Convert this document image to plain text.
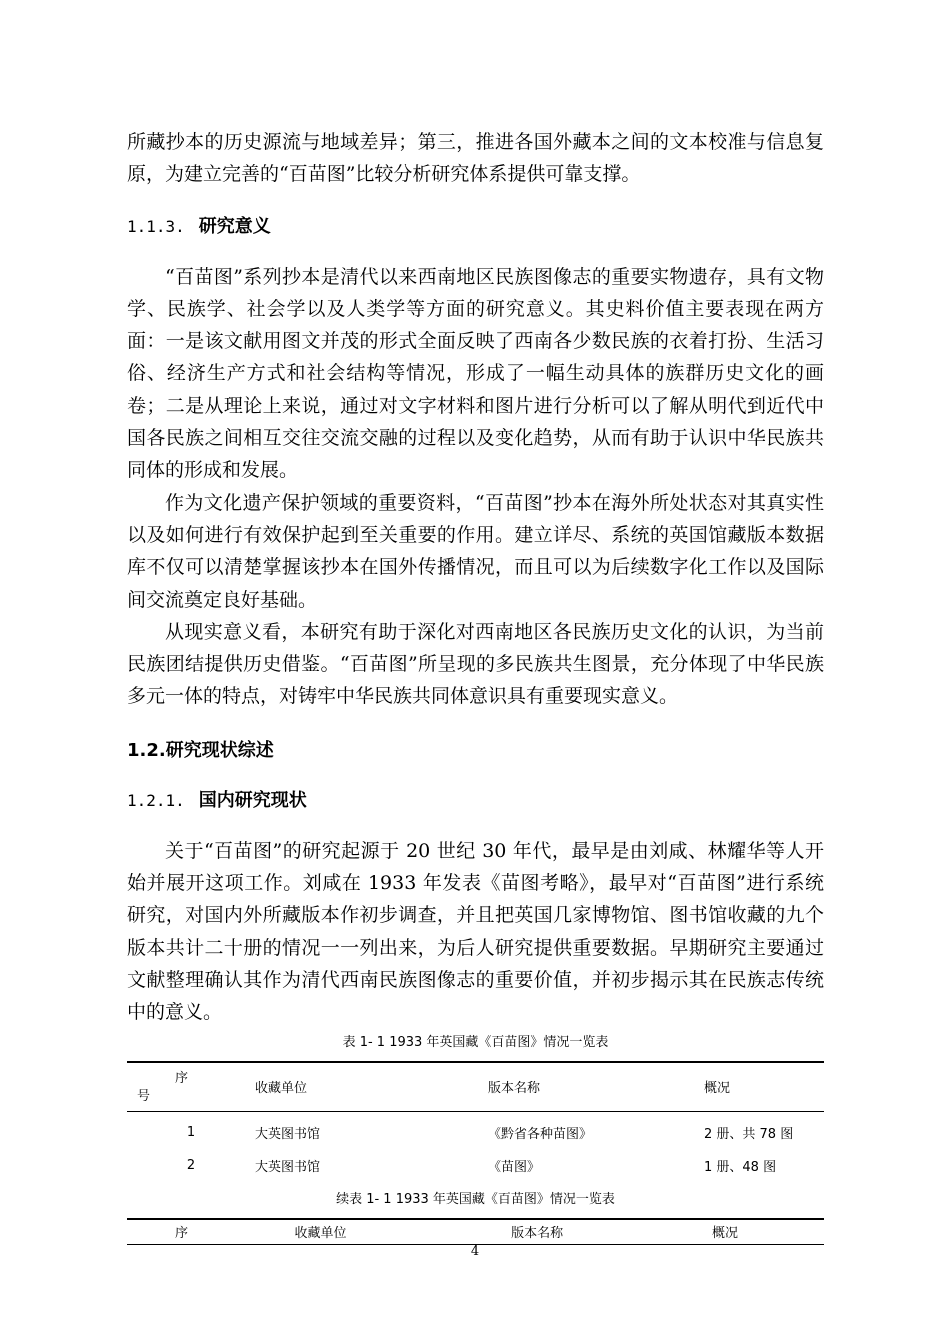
所藏抄本的历史源流与地域差异；第三，推进各国外藏本之间的文本校准与信息复原，为建立完善的“百苗图”比较分析研究体系提供可靠支撑。

1.1.3. 研究意义

“百苗图”系列抄本是清代以来西南地区民族图像志的重要实物遗存，具有文物学、民族学、社会学以及人类学等方面的研究意义。其史料价值主要表现在两方面：一是该文献用图文并茂的形式全面反映了西南各少数民族的衣着打扮、生活习俗、经济生产方式和社会结构等情况，形成了一幅生动具体的族群历史文化的画卷；二是从理论上来说，通过对文字材料和图片进行分析可以了解从明代到近代中国各民族之间相互交往交流交融的过程以及变化趋势，从而有助于认识中华民族共同体的形成和发展。

作为文化遗产保护领域的重要资料，“百苗图”抄本在海外所处状态对其真实性以及如何进行有效保护起到至关重要的作用。建立详尽、系统的英国馆藏版本数据库不仅可以清楚掌握该抄本在国外传播情况，而且可以为后续数字化工作以及国际间交流奠定良好基础。

从现实意义看，本研究有助于深化对西南地区各民族历史文化的认识，为当前民族团结提供历史借鉴。“百苗图”所呈现的多民族共生图景，充分体现了中华民族多元一体的特点，对铸牢中华民族共同体意识具有重要现实意义。

1.2.研究现状综述
1.2.1. 国内研究现状

关于“百苗图”的研究起源于 20 世纪 30 年代，最早是由刘咸、林耀华等人开始并展开这项工作。刘咸在 1933 年发表《苗图考略》，最早对“百苗图”进行系统研究，对国内外所藏版本作初步调查，并且把英国几家博物馆、图书馆收藏的九个版本共计二十册的情况一一列出来，为后人研究提供重要数据。早期研究主要通过文献整理确认其作为清代西南民族图像志的重要价值，并初步揭示其在民族志传统中的意义。

表 1- 1 1933 年英国藏《百苗图》情况一览表

序
号	收藏单位	版本名称	概况
1	大英图书馆	《黔省各种苗图》	2 册、共 78 图
2	大英图书馆	《苗图》	1 册、48 图

续表 1- 1 1933 年英国藏《百苗图》情况一览表

序	收藏单位	版本名称	概况
4
